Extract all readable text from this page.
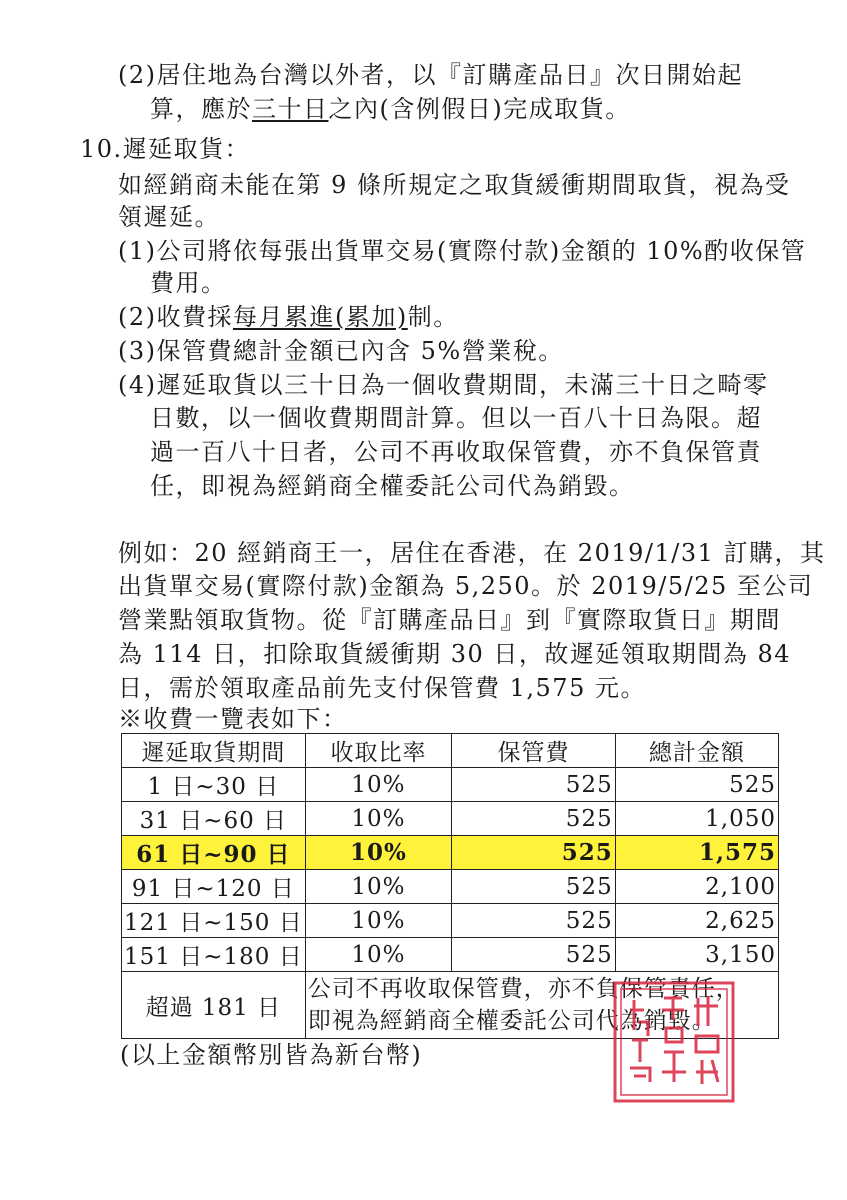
(2)居住地為台灣以外者，以『訂購產品日』次日開始起
算，應於三十日之內(含例假日)完成取貨。
10.遲延取貨：
如經銷商未能在第 9 條所規定之取貨緩衝期間取貨，視為受
領遲延。
(1)公司將依每張出貨單交易(實際付款)金額的 10%酌收保管
費用。
(2)收費採每月累進(累加)制。
(3)保管費總計金額已內含 5%營業稅。
(4)遲延取貨以三十日為一個收費期間，未滿三十日之畸零
日數，以一個收費期間計算。但以一百八十日為限。超
過一百八十日者，公司不再收取保管費，亦不負保管責
任，即視為經銷商全權委託公司代為銷毀。
例如：20 經銷商王一，居住在香港，在 2019/1/31 訂購，其
出貨單交易(實際付款)金額為 5,250。於 2019/5/25 至公司
營業點領取貨物。從『訂購產品日』到『實際取貨日』期間
為 114 日，扣除取貨緩衝期 30 日，故遲延領取期間為 84
日，需於領取產品前先支付保管費 1,575 元。
※收費一覽表如下：
遲延取貨期間	收取比率	保管費	總計金額
1 日~30 日	10%	525	525
31 日~60 日	10%	525	1,050
61 日~90 日	10%	525	1,575
91 日~120 日	10%	525	2,100
121 日~150 日	10%	525	2,625
151 日~180 日	10%	525	3,150
超過 181 日	公司不再收取保管費，亦不負保管責任，
即視為經銷商全權委託公司代為銷毀。		
(以上金額幣別皆為新台幣)
